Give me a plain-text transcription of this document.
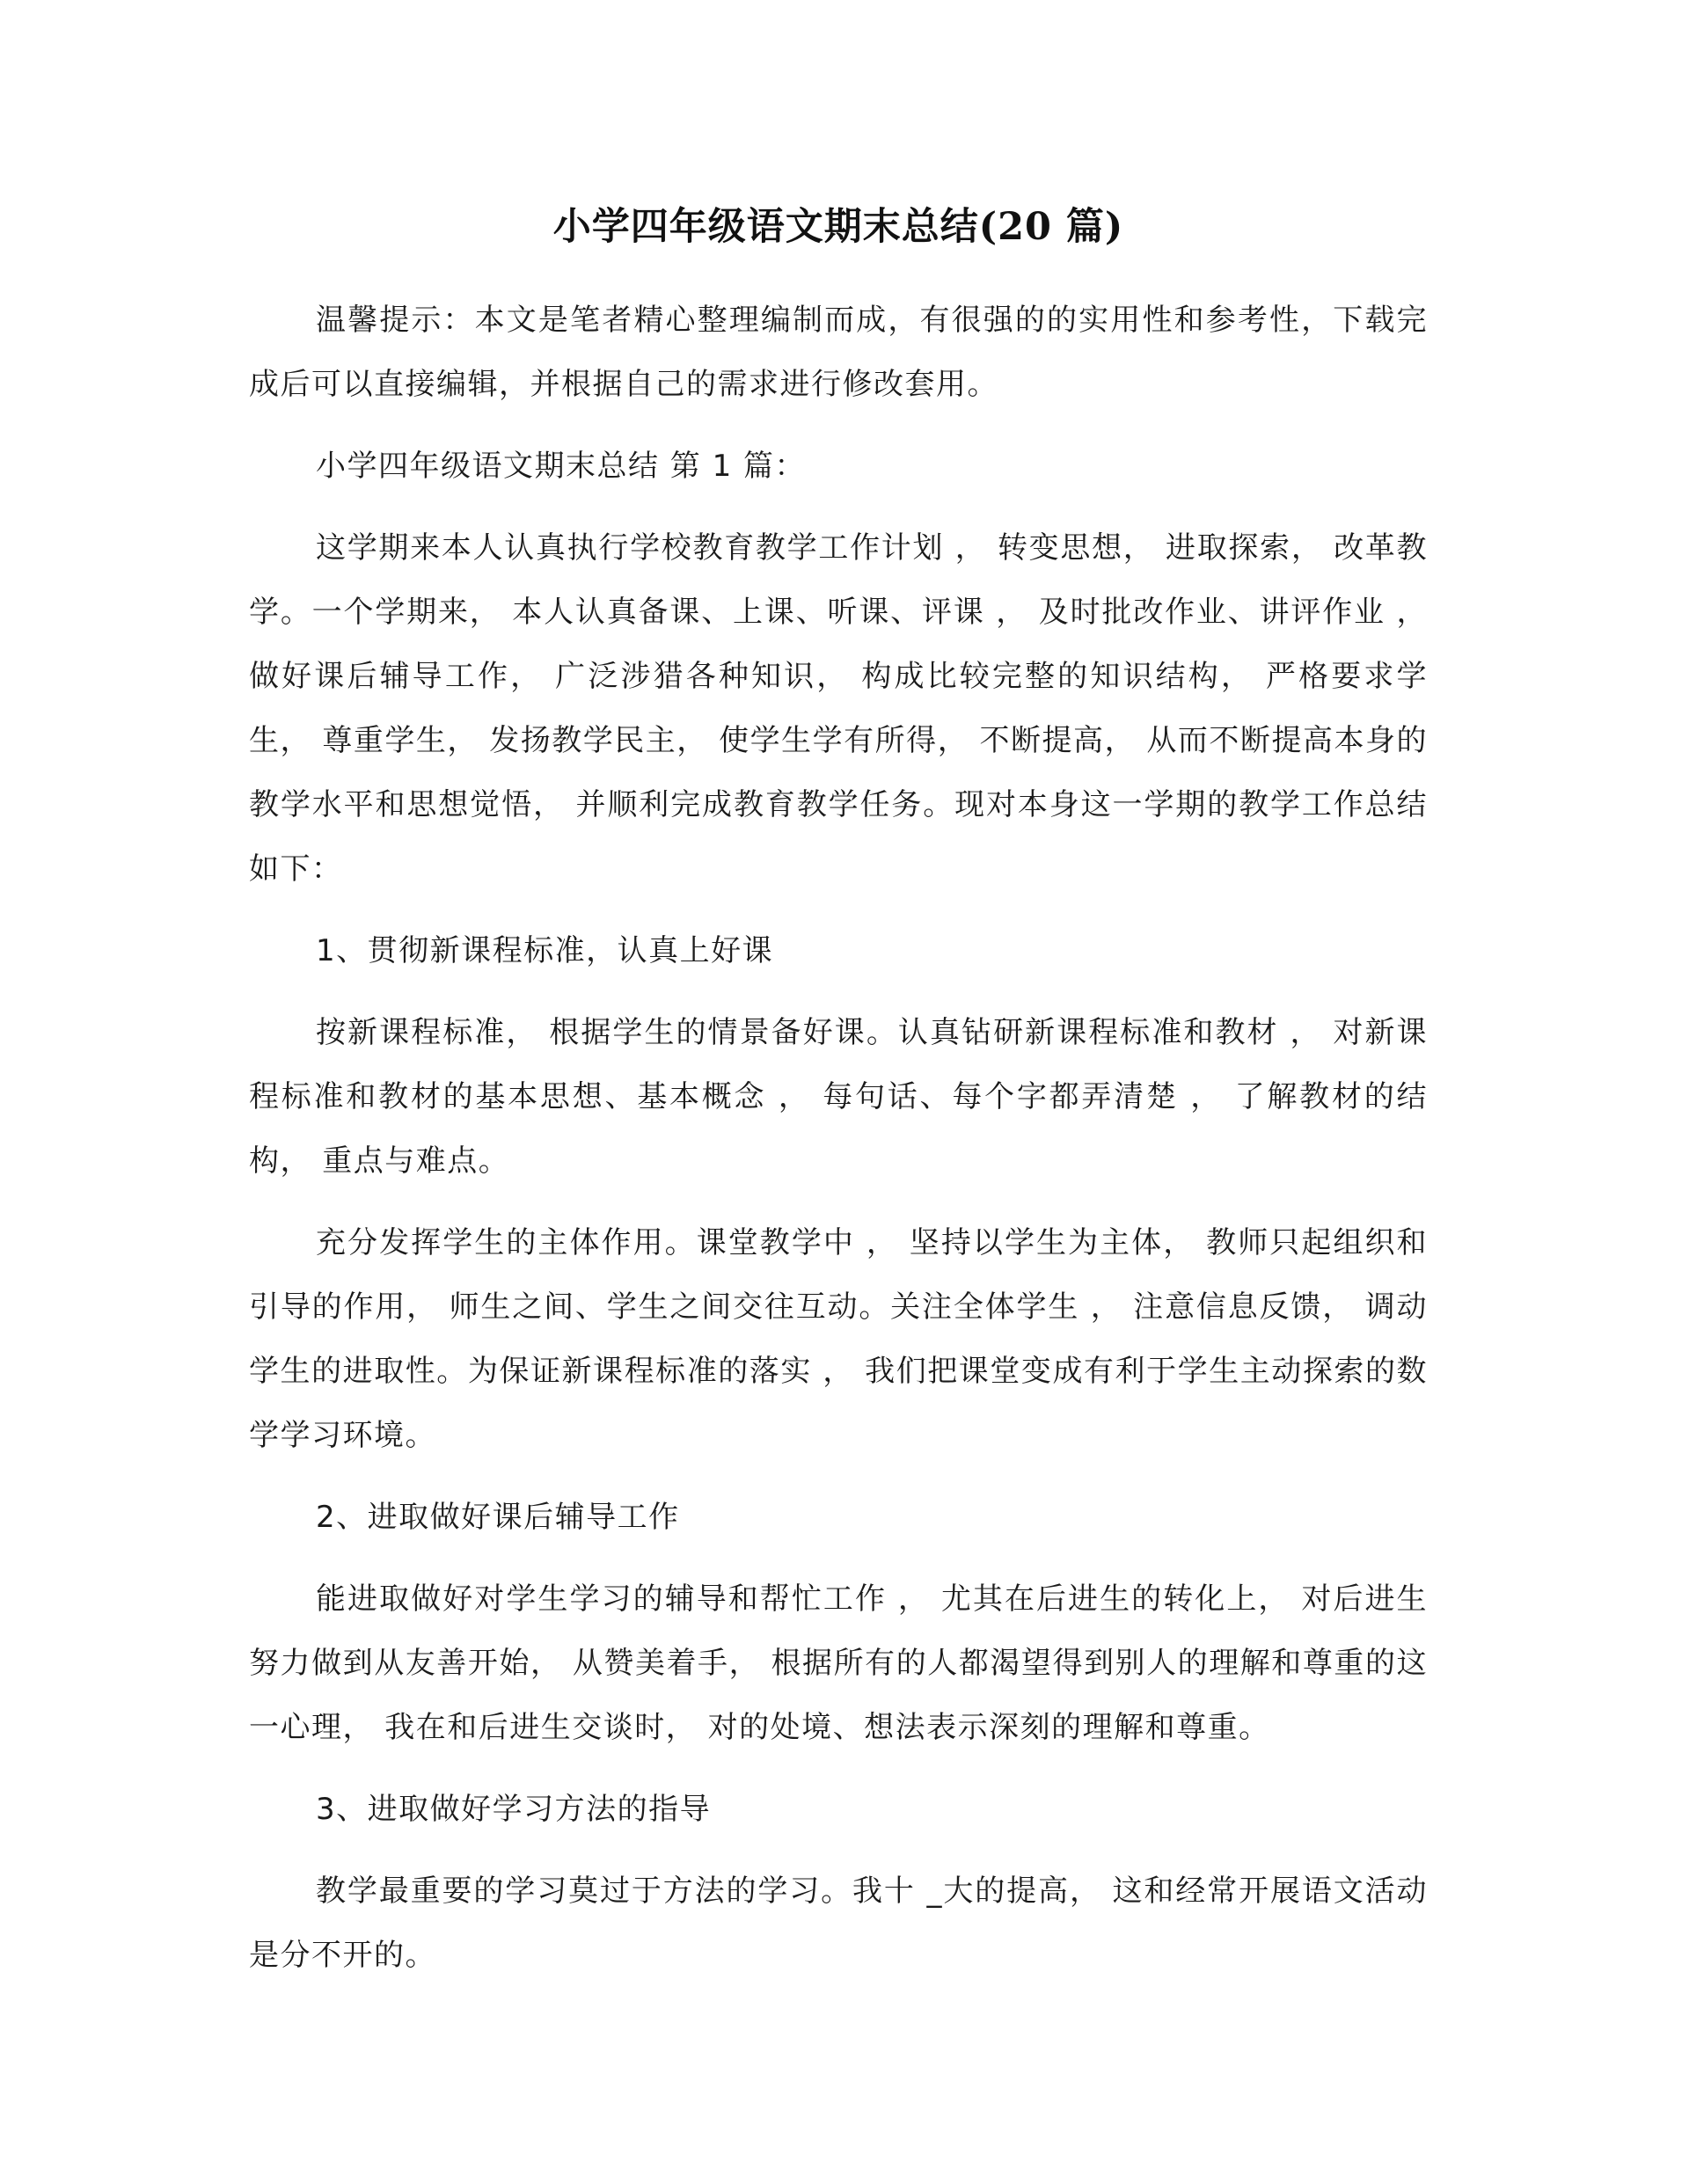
小学四年级语文期末总结(20 篇)

温馨提示：本文是笔者精心整理编制而成，有很强的的实用性和参考性，下载完成后可以直接编辑，并根据自己的需求进行修改套用。

小学四年级语文期末总结 第 1 篇：

这学期来本人认真执行学校教育教学工作计划 ， 转变思想， 进取探索， 改革教学。一个学期来， 本人认真备课、上课、听课、评课 ， 及时批改作业、讲评作业 ， 做好课后辅导工作， 广泛涉猎各种知识， 构成比较完整的知识结构， 严格要求学生， 尊重学生， 发扬教学民主， 使学生学有所得， 不断提高， 从而不断提高本身的教学水平和思想觉悟， 并顺利完成教育教学任务。现对本身这一学期的教学工作总结如下：

1、贯彻新课程标准，认真上好课

按新课程标准， 根据学生的情景备好课。认真钻研新课程标准和教材 ， 对新课程标准和教材的基本思想、基本概念 ， 每句话、每个字都弄清楚 ， 了解教材的结构， 重点与难点。

充分发挥学生的主体作用。课堂教学中 ， 坚持以学生为主体， 教师只起组织和引导的作用， 师生之间、学生之间交往互动。关注全体学生 ， 注意信息反馈， 调动学生的进取性。为保证新课程标准的落实 ， 我们把课堂变成有利于学生主动探索的数学学习环境。

2、进取做好课后辅导工作

能进取做好对学生学习的辅导和帮忙工作 ， 尤其在后进生的转化上， 对后进生努力做到从友善开始， 从赞美着手， 根据所有的人都渴望得到别人的理解和尊重的这一心理， 我在和后进生交谈时， 对的处境、想法表示深刻的理解和尊重。

3、进取做好学习方法的指导

教学最重要的学习莫过于方法的学习。我十 _大的提高， 这和经常开展语文活动是分不开的。
